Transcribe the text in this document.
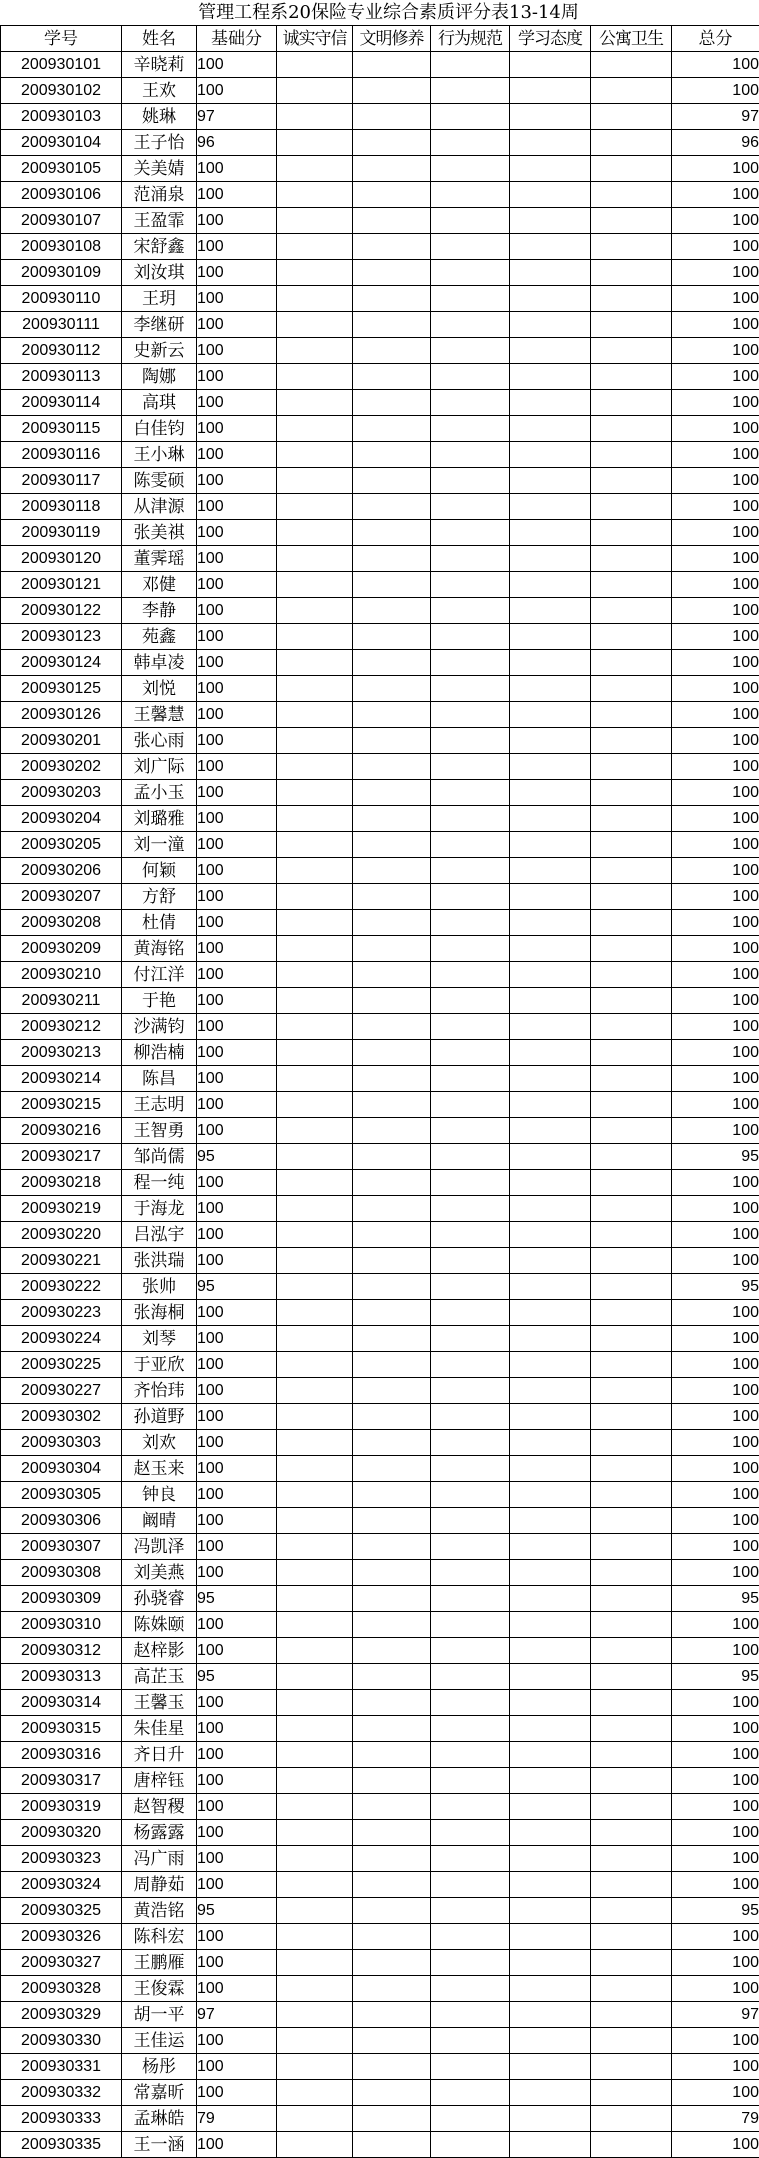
管理工程系20保险专业综合素质评分表13-14周
学号	姓名	基础分	诚实守信	文明修养	行为规范	学习态度	公寓卫生	总分
200930101	辛晓莉	100						100
200930102	王欢	100						100
200930103	姚琳	97						97
200930104	王子怡	96						96
200930105	关美婧	100						100
200930106	范涌泉	100						100
200930107	王盈霏	100						100
200930108	宋舒鑫	100						100
200930109	刘汝琪	100						100
200930110	王玥	100						100
200930111	李继研	100						100
200930112	史新云	100						100
200930113	陶娜	100						100
200930114	高琪	100						100
200930115	白佳钧	100						100
200930116	王小琳	100						100
200930117	陈雯硕	100						100
200930118	从津源	100						100
200930119	张美祺	100						100
200930120	董霁瑶	100						100
200930121	邓健	100						100
200930122	李静	100						100
200930123	苑鑫	100						100
200930124	韩卓凌	100						100
200930125	刘悦	100						100
200930126	王馨慧	100						100
200930201	张心雨	100						100
200930202	刘广际	100						100
200930203	孟小玉	100						100
200930204	刘璐雅	100						100
200930205	刘一潼	100						100
200930206	何颖	100						100
200930207	方舒	100						100
200930208	杜倩	100						100
200930209	黄海铭	100						100
200930210	付江洋	100						100
200930211	于艳	100						100
200930212	沙满钧	100						100
200930213	柳浩楠	100						100
200930214	陈昌	100						100
200930215	王志明	100						100
200930216	王智勇	100						100
200930217	邹尚儒	95						95
200930218	程一纯	100						100
200930219	于海龙	100						100
200930220	吕泓宇	100						100
200930221	张洪瑞	100						100
200930222	张帅	95						95
200930223	张海桐	100						100
200930224	刘琴	100						100
200930225	于亚欣	100						100
200930227	齐怡玮	100						100
200930302	孙道野	100						100
200930303	刘欢	100						100
200930304	赵玉来	100						100
200930305	钟良	100						100
200930306	阚晴	100						100
200930307	冯凯泽	100						100
200930308	刘美燕	100						100
200930309	孙骁睿	95						95
200930310	陈姝颐	100						100
200930312	赵梓影	100						100
200930313	高芷玉	95						95
200930314	王馨玉	100						100
200930315	朱佳星	100						100
200930316	齐日升	100						100
200930317	唐梓钰	100						100
200930319	赵智稷	100						100
200930320	杨露露	100						100
200930323	冯广雨	100						100
200930324	周静茹	100						100
200930325	黄浩铭	95						95
200930326	陈科宏	100						100
200930327	王鹏雁	100						100
200930328	王俊霖	100						100
200930329	胡一平	97						97
200930330	王佳运	100						100
200930331	杨彤	100						100
200930332	常嘉昕	100						100
200930333	孟琳皓	79						79
200930335	王一涵	100						100
